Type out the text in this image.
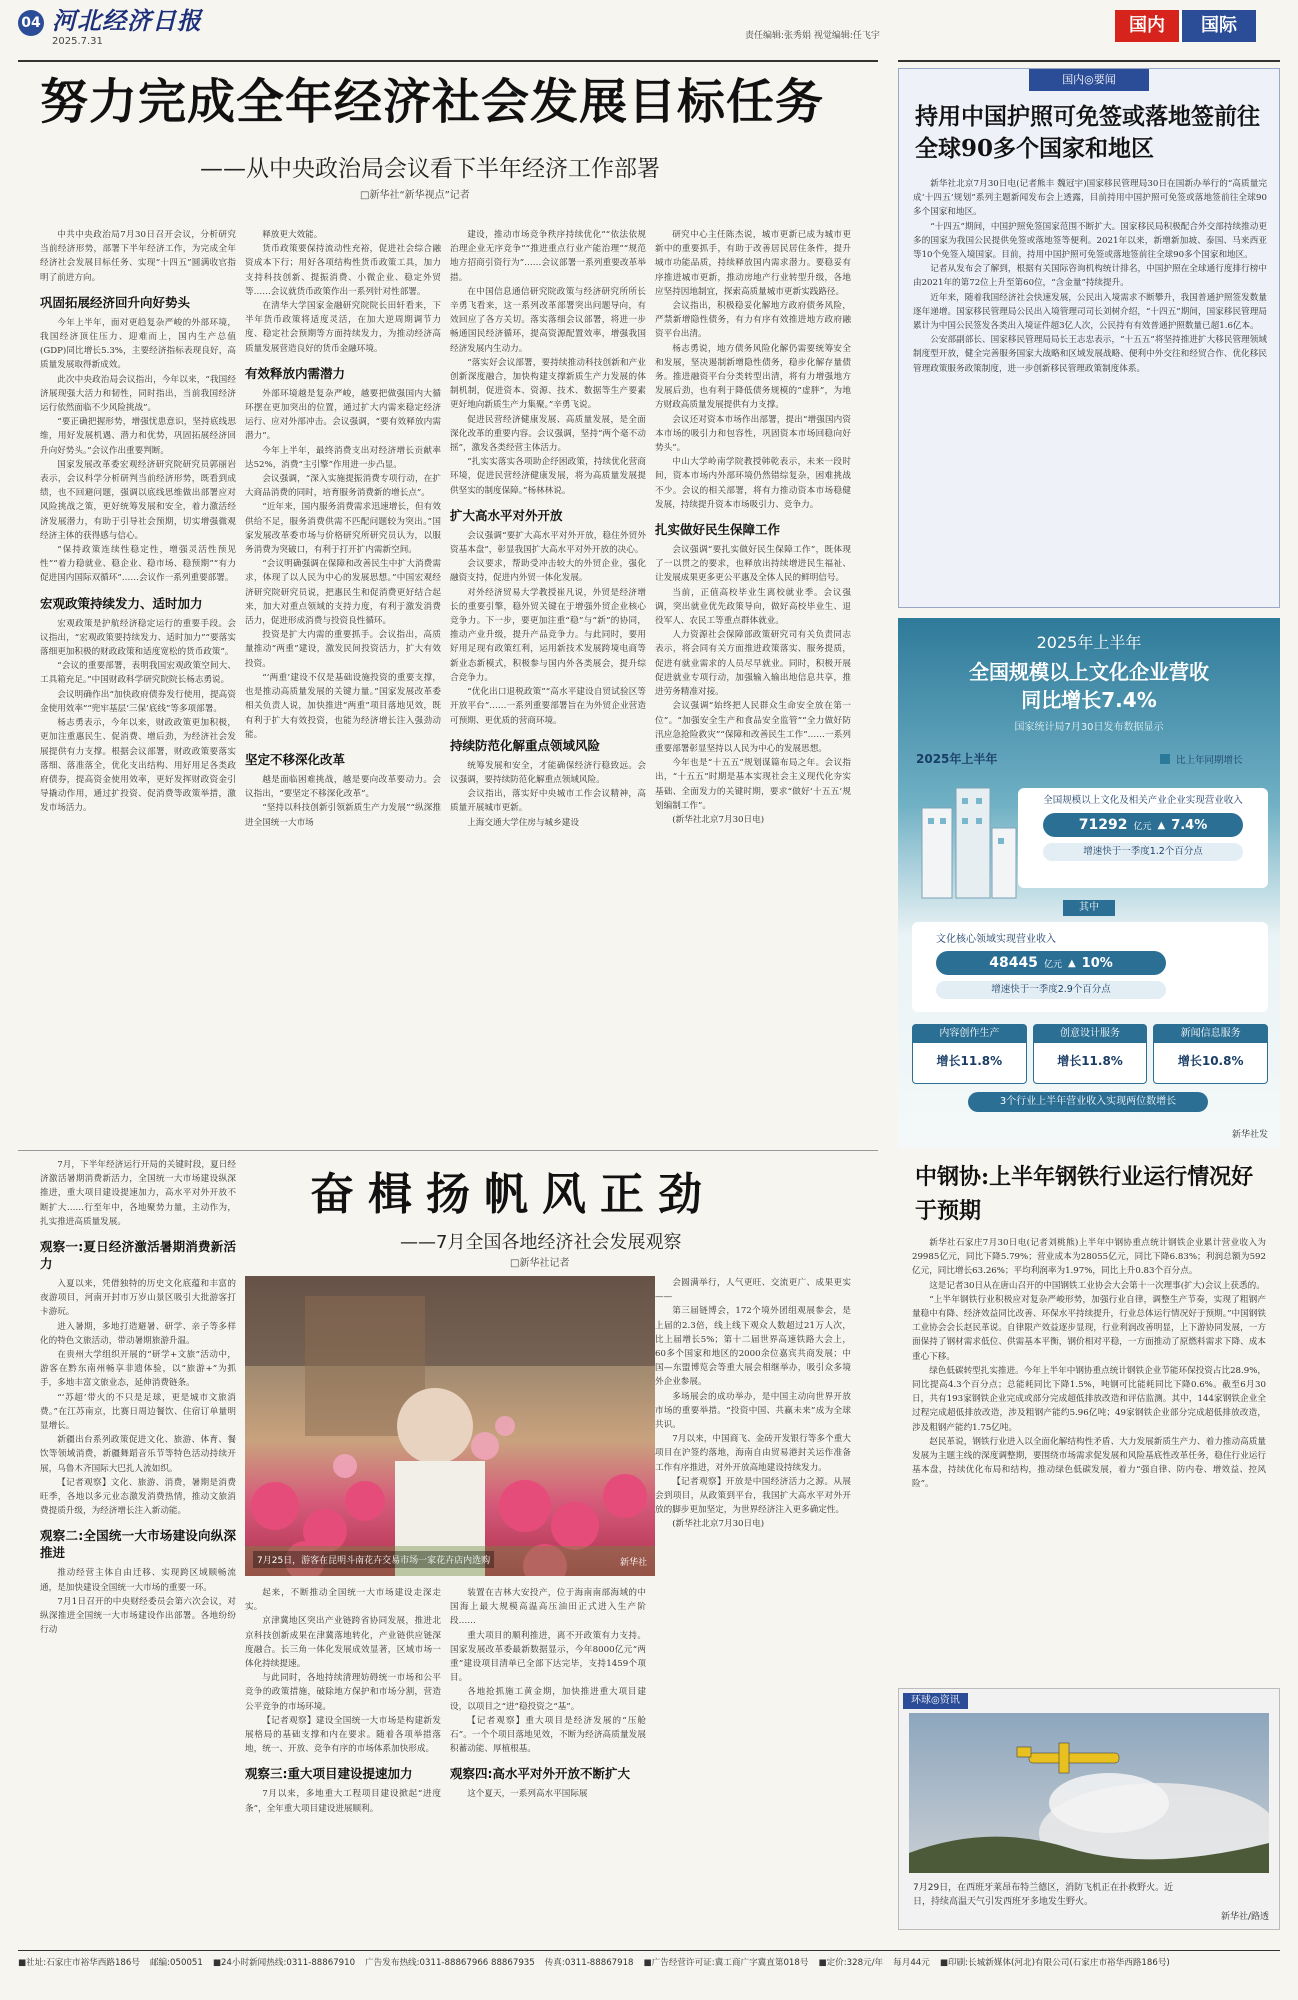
04 河北经济日报
2025.7.31	责任编辑:张秀娟 视觉编辑:任飞宇	国内	国际
努力完成全年经济社会发展目标任务
——从中央政治局会议看下半年经济工作部署
□新华社“新华视点”记者

中共中央政治局7月30日召开会议，分析研究当前经济形势，部署下半年经济工作，为完成全年经济社会发展目标任务、实现“十四五”圆满收官指明了前进方向。

巩固拓展经济回升向好势头

今年上半年，面对更趋复杂严峻的外部环境，我国经济顶住压力、迎难而上，国内生产总值(GDP)同比增长5.3%，主要经济指标表现良好，高质量发展取得新成效。

此次中央政治局会议指出，今年以来，“我国经济展现强大活力和韧性，同时指出，当前我国经济运行依然面临不少风险挑战”。

“要正确把握形势，增强忧患意识，坚持底线思维，用好发展机遇、潜力和优势，巩固拓展经济回升向好势头。”会议作出重要判断。

国家发展改革委宏观经济研究院研究员郭丽岩表示，会议科学分析研判当前经济形势，既看到成绩，也不回避问题，强调以底线思维做出部署应对风险挑战之策，更好统筹发展和安全，着力激活经济发展潜力，有助于引导社会预期，切实增强微观经济主体的获得感与信心。

“保持政策连续性稳定性，增强灵活性预见性”“着力稳就业、稳企业、稳市场、稳预期”“有力促进国内国际双循环”……会议作一系列重要部署。

宏观政策持续发力、适时加力

宏观政策是护航经济稳定运行的重要手段。会议指出，“宏观政策要持续发力、适时加力”“要落实落细更加积极的财政政策和适度宽松的货币政策”。

“会议的重要部署，表明我国宏观政策空间大、工具箱充足。”中国财政科学研究院院长杨志勇说。

会议明确作出“加快政府债券发行使用，提高资金使用效率”“兜牢基层‘三保’底线”等多项部署。

杨志勇表示，今年以来，财政政策更加积极，更加注重惠民生、促消费、增后劲，为经济社会发展提供有力支撑。根据会议部署，财政政策要落实落细、落准落全，优化支出结构、用好用足各类政府债券，提高资金使用效率，更好发挥财政资金引导撬动作用，通过扩投资、促消费等政策举措，激发市场活力。

释放更大效能。

货币政策要保持流动性充裕，促进社会综合融资成本下行；用好各项结构性货币政策工具，加力支持科技创新、提振消费、小微企业、稳定外贸等……会议就货币政策作出一系列针对性部署。

在清华大学国家金融研究院院长田轩看来，下半年货币政策将适度灵活，在加大逆周期调节力度、稳定社会预期等方面持续发力，为推动经济高质量发展营造良好的货币金融环境。

有效释放内需潜力

外部环境越是复杂严峻，越要把做强国内大循环摆在更加突出的位置，通过扩大内需来稳定经济运行、应对外部冲击。会议强调，“要有效释放内需潜力”。

今年上半年，最终消费支出对经济增长贡献率达52%，消费“主引擎”作用进一步凸显。

会议强调，“深入实施提振消费专项行动，在扩大商品消费的同时，培育服务消费新的增长点”。

“近年来，国内服务消费需求迅速增长，但有效供给不足，服务消费供需不匹配问题较为突出。”国家发展改革委市场与价格研究所研究员认为，以服务消费为突破口，有利于打开扩内需新空间。

“会议明确强调在保障和改善民生中扩大消费需求，体现了以人民为中心的发展思想。”中国宏观经济研究院研究员说，把惠民生和促消费更好结合起来，加大对重点领域的支持力度，有利于激发消费活力，促进形成消费与投资良性循环。

投资是扩大内需的重要抓手。会议指出，高质量推动“两重”建设，激发民间投资活力，扩大有效投资。

“‘两重’建设不仅是基础设施投资的重要支撑，也是推动高质量发展的关键力量。”国家发展改革委相关负责人说，加快推进“两重”项目落地见效，既有利于扩大有效投资，也能为经济增长注入强劲动能。

坚定不移深化改革

越是面临困难挑战，越是要向改革要动力。会议指出，“要坚定不移深化改革”。

“坚持以科技创新引领新质生产力发展”“纵深推进全国统一大市场

建设，推动市场竞争秩序持续优化”“依法依规治理企业无序竞争”“推进重点行业产能治理”“规范地方招商引资行为”……会议部署一系列重要改革举措。

在中国信息通信研究院政策与经济研究所所长辛勇飞看来，这一系列改革部署突出问题导向，有效回应了各方关切。落实落细会议部署，将进一步畅通国民经济循环，提高资源配置效率，增强我国经济发展内生动力。

“落实好会议部署，要持续推动科技创新和产业创新深度融合，加快构建支撑新质生产力发展的体制机制，促进资本、资源、技术、数据等生产要素更好地向新质生产力集聚。”辛勇飞说。

促进民营经济健康发展、高质量发展，是全面深化改革的重要内容。会议强调，坚持“两个毫不动摇”，激发各类经营主体活力。

“扎实实落实各项助企纾困政策，持续优化营商环境，促进民营经济健康发展，将为高质量发展提供坚实的制度保障。”杨林林说。

扩大高水平对外开放

会议强调“要扩大高水平对外开放，稳住外贸外资基本盘”，彰显我国扩大高水平对外开放的决心。

会议要求，帮助受冲击较大的外贸企业，强化融资支持，促进内外贸一体化发展。

对外经济贸易大学教授崔凡说，外贸是经济增长的重要引擎，稳外贸关键在于增强外贸企业核心竞争力。下一步，要更加注重“稳”与“新”的协同，推动产业升级，提升产品竞争力。与此同时，要用好用足现有政策红利，运用新技术发展跨境电商等新业态新模式，积极参与国内外各类展会，提升综合竞争力。

“优化出口退税政策”“高水平建设自贸试验区等开放平台”……一系列重要部署旨在为外贸企业营造可预期、更优质的营商环境。

持续防范化解重点领域风险

统筹发展和安全，才能确保经济行稳致远。会议强调，要持续防范化解重点领域风险。

会议指出，落实好中央城市工作会议精神，高质量开展城市更新。

上海交通大学住房与城乡建设

研究中心主任陈杰说，城市更新已成为城市更新中的重要抓手，有助于改善居民居住条件，提升城市功能品质，持续释放国内需求潜力。要稳妥有序推进城市更新，推动房地产行业转型升级，各地应坚持因地制宜，探索高质量城市更新实践路径。

会议指出，积极稳妥化解地方政府债务风险，严禁新增隐性债务，有力有序有效推进地方政府融资平台出清。

杨志勇说，地方债务风险化解仍需要统筹安全和发展，坚决遏制新增隐性债务，稳步化解存量债务。推进融资平台分类转型出清，将有力增强地方发展后劲，也有利于降低债务规模的“虚胖”，为地方财政高质量发展提供有力支撑。

会议还对资本市场作出部署，提出“增强国内资本市场的吸引力和包容性，巩固资本市场回稳向好势头”。

中山大学岭南学院教授韩乾表示，未来一段时间，资本市场内外部环境仍然错综复杂，困难挑战不少。会议的相关部署，将有力推动资本市场稳健发展，持续提升资本市场吸引力、竞争力。

扎实做好民生保障工作

会议强调“要扎实做好民生保障工作”，既体现了一以贯之的要求，也释放出持续增进民生福祉、让发展成果更多更公平惠及全体人民的鲜明信号。

当前，正值高校毕业生离校就业季。会议强调，突出就业优先政策导向，做好高校毕业生、退役军人、农民工等重点群体就业。

人力资源社会保障部政策研究司有关负责同志表示，将会同有关方面推进政策落实、服务提质，促进有就业需求的人员尽早就业。同时，积极开展促进就业专项行动，加强输入输出地信息共享，推进劳务精准对接。

会议强调“始终把人民群众生命安全放在第一位”。“加强安全生产和食品安全监管”“全力做好防汛应急抢险救灾”“保障和改善民生工作”……一系列重要部署彰显坚持以人民为中心的发展思想。

今年也是“十五五”规划谋篇布局之年。会议指出，“十五五”时期是基本实现社会主义现代化夯实基础、全面发力的关键时期，要求“做好‘十五五’规划编制工作”。

(新华社北京7月30日电)

奋楫扬帆风正劲
——7月全国各地经济社会发展观察
□新华社记者

7月，下半年经济运行开局的关键时段，夏日经济激活暑期消费新活力，全国统一大市场建设纵深推进，重大项目建设提速加力，高水平对外开放不断扩大……行至年中，各地聚势力量，主动作为，扎实推进高质量发展。

观察一:夏日经济激活暑期消费新活力

入夏以来，凭借独特的历史文化底蕴和丰富的夜游项目，河南开封市万岁山景区吸引大批游客打卡游玩。

进入暑期，多地打造避暑、研学、亲子等多样化的特色文旅活动，带动暑期旅游升温。

在贵州大学组织开展的“研学+文旅”活动中，游客在黔东南州畅享非遗体验，以“旅游+”为抓手，多地丰富文旅业态，延伸消费链条。

“‘苏超’带火的不只是足球，更是城市文旅消费。”在江苏南京，比赛日周边餐饮、住宿订单量明显增长。

新疆出台系列政策促进文化、旅游、体育、餐饮等领域消费，新疆舞蹈音乐节等特色活动持续开展，乌鲁木齐国际大巴扎人流如织。

【记者观察】文化、旅游、消费，暑期是消费旺季，各地以多元业态激发消费热情，推动文旅消费提质升级，为经济增长注入新动能。

观察二:全国统一大市场建设向纵深推进

推动经营主体自由迁移、实现跨区域顺畅流通，是加快建设全国统一大市场的重要一环。

7月1日召开的中央财经委员会第六次会议，对纵深推进全国统一大市场建设作出部署。各地纷纷行动

7月25日，游客在昆明斗南花卉交易市场一家花卉店内选购	新华社

起来，不断推动全国统一大市场建设走深走实。

京津冀地区突出产业链跨省协同发展，推进北京科技创新成果在津冀落地转化，产业链供应链深度融合。长三角一体化发展成效显著，区域市场一体化持续提速。

与此同时，各地持续清理妨碍统一市场和公平竞争的政策措施，破除地方保护和市场分割，营造公平竞争的市场环境。

【记者观察】建设全国统一大市场是构建新发展格局的基础支撑和内在要求。随着各项举措落地，统一、开放、竞争有序的市场体系加快形成。

观察三:重大项目建设提速加力

7月以来，多地重大工程项目建设掀起“进度条”，全年重大项目建设进展顺利。

装置在吉林大安投产，位于海南南部海域的中国海上最大规模高温高压油田正式进入生产阶段……

重大项目的顺利推进，离不开政策有力支持。国家发展改革委最新数据显示，今年8000亿元“两重”建设项目清单已全部下达完毕，支持1459个项目。

各地抢抓施工黄金期，加快推进重大项目建设，以项目之“进”稳投资之“基”。

【记者观察】重大项目是经济发展的“压舱石”。一个个项目落地见效，不断为经济高质量发展积蓄动能、厚植根基。

观察四:高水平对外开放不断扩大

这个夏天，一系列高水平国际展

会圆满举行，人气更旺、交流更广、成果更实——

第三届链博会，172个境外团组观展参会，是上届的2.3倍，线上线下观众人数超过21万人次，比上届增长5%；第十二届世界高速铁路大会上，60多个国家和地区的2000余位嘉宾共商发展；中国—东盟博览会等重大展会相继举办，吸引众多境外企业参展。

多场展会的成功举办，是中国主动向世界开放市场的重要举措。“投资中国、共赢未来”成为全球共识。

7月以来，中国商飞、金砖开发银行等多个重大项目在沪签约落地，海南自由贸易港封关运作准备工作有序推进，对外开放高地建设持续发力。

【记者观察】开放是中国经济活力之源。从展会到项目，从政策到平台，我国扩大高水平对外开放的脚步更加坚定，为世界经济注入更多确定性。

(新华社北京7月30日电)

国内◎要闻
持用中国护照可免签或落地签前往全球90多个国家和地区

新华社北京7月30日电(记者熊丰 魏冠宇)国家移民管理局30日在国新办举行的“高质量完成‘十四五’规划”系列主题新闻发布会上透露，目前持用中国护照可免签或落地签前往全球90多个国家和地区。

“十四五”期间，中国护照免签国家范围不断扩大。国家移民局积极配合外交部持续推动更多的国家为我国公民提供免签或落地签等便利。2021年以来，新增新加坡、泰国、马来西亚等10个免签入境国家。目前，持用中国护照可免签或落地签前往全球90多个国家和地区。

记者从发布会了解到，根据有关国际咨询机构统计排名，中国护照在全球通行度排行榜中由2021年的第72位上升至第60位，“含金量”持续提升。

近年来，随着我国经济社会快速发展，公民出入境需求不断攀升，我国普通护照签发数量逐年递增。国家移民管理局公民出入境管理司司长刘树介绍，“十四五”期间，国家移民管理局累计为中国公民签发各类出入境证件超3亿人次，公民持有有效普通护照数量已超1.6亿本。

公安部副部长、国家移民管理局局长王志忠表示，“十五五”将坚持推进扩大移民管理领域制度型开放，健全完善服务国家大战略和区域发展战略、便利中外交往和经贸合作、优化移民管理政策服务政策制度，进一步创新移民管理政策制度体系。

2025年上半年
全国规模以上文化企业营收
同比增长7.4%
国家统计局7月30日发布数据显示
2025年上半年	比上年同期增长
全国规模以上文化及相关产业企业实现营业收入
71292 亿元 ▲ 7.4%
增速快于一季度1.2个百分点
其中
文化核心领域实现营业收入
48445 亿元 ▲ 10%
增速快于一季度2.9个百分点
内容创作生产
增长11.8%
创意设计服务
增长11.8%
新闻信息服务
增长10.8%
3个行业上半年营业收入实现两位数增长
新华社发
中钢协:上半年钢铁行业运行情况好于预期

新华社石家庄7月30日电(记者刘桃熊)上半年中钢协重点统计钢铁企业累计营业收入为29985亿元，同比下降5.79%；营业成本为28055亿元，同比下降6.83%；利润总额为592亿元，同比增长63.26%；平均利润率为1.97%，同比上升0.83个百分点。

这是记者30日从在唐山召开的中国钢铁工业协会大会第十一次理事(扩大)会议上获悉的。

“上半年钢铁行业积极应对复杂严峻形势，加强行业自律，调整生产节奏，实现了粗钢产量稳中有降、经济效益同比改善、环保水平持续提升，行业总体运行情况好于预期。”中国钢铁工业协会会长赵民革说。自律限产效益逐步显现，行业利润改善明显，上下游协同发展，一方面保持了钢材需求低位、供需基本平衡，钢价相对平稳，一方面推动了原燃料需求下降、成本重心下移。

绿色低碳转型扎实推进。今年上半年中钢协重点统计钢铁企业节能环保投资占比28.9%，同比提高4.3个百分点；总能耗同比下降1.5%，吨钢可比能耗同比下降0.6%。截至6月30日，共有193家钢铁企业完成或部分完成超低排放改造和评估监测。其中，144家钢铁企业全过程完成超低排放改造，涉及粗钢产能约5.96亿吨；49家钢铁企业部分完成超低排放改造，涉及粗钢产能约1.75亿吨。

赵民革说，钢铁行业进入以全面化解结构性矛盾、大力发展新质生产力、着力推动高质量发展为主题主线的深度调整期，要围绕市场需求促发展和风险基底性改革任务，稳住行业运行基本盘，持续优化布局和结构，推动绿色低碳发展，着力“强自律、防内卷、增效益、控风险”。

环球◎资讯
7月29日，在西班牙莱昂布特兰德区，消防飞机正在扑救野火。近日，持续高温天气引发西班牙多地发生野火。
新华社/路透
■社址:石家庄市裕华西路186号 邮编:050051 ■24小时新闻热线:0311-88867910 广告发布热线:0311-88867966 88867935 传真:0311-88867918 ■广告经营许可证:冀工商广字冀直第018号 ■定价:328元/年 每月44元 ■印刷:长城新媒体(河北)有限公司(石家庄市裕华西路186号)
